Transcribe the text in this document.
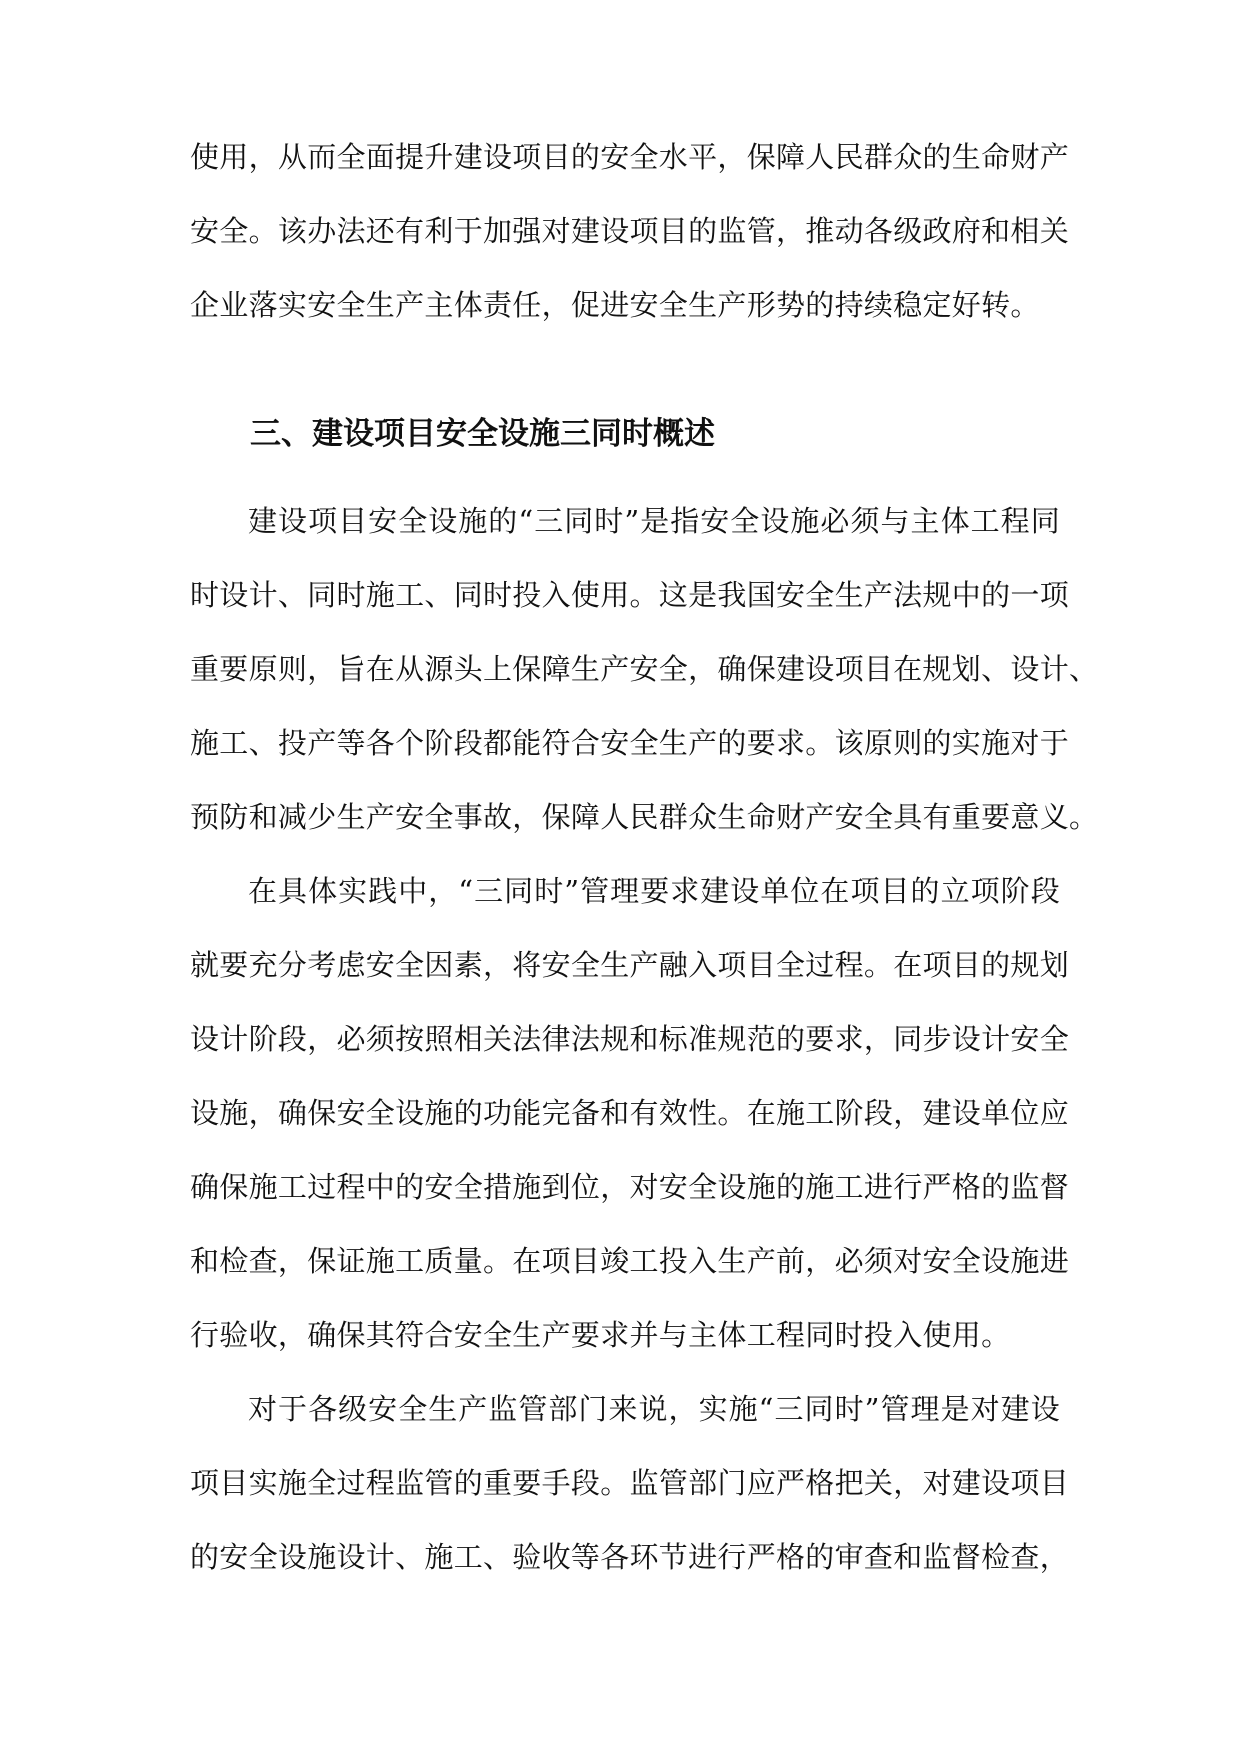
使用，从而全面提升建设项目的安全水平，保障人民群众的生命财产
安全。该办法还有利于加强对建设项目的监管，推动各级政府和相关
企业落实安全生产主体责任，促进安全生产形势的持续稳定好转。
三、建设项目安全设施三同时概述
建设项目安全设施的“三同时”是指安全设施必须与主体工程同
时设计、同时施工、同时投入使用。这是我国安全生产法规中的一项
重要原则，旨在从源头上保障生产安全，确保建设项目在规划、设计、
施工、投产等各个阶段都能符合安全生产的要求。该原则的实施对于
预防和减少生产安全事故，保障人民群众生命财产安全具有重要意义。
在具体实践中，“三同时”管理要求建设单位在项目的立项阶段
就要充分考虑安全因素，将安全生产融入项目全过程。在项目的规划
设计阶段，必须按照相关法律法规和标准规范的要求，同步设计安全
设施，确保安全设施的功能完备和有效性。在施工阶段，建设单位应
确保施工过程中的安全措施到位，对安全设施的施工进行严格的监督
和检查，保证施工质量。在项目竣工投入生产前，必须对安全设施进
行验收，确保其符合安全生产要求并与主体工程同时投入使用。
对于各级安全生产监管部门来说，实施“三同时”管理是对建设
项目实施全过程监管的重要手段。监管部门应严格把关，对建设项目
的安全设施设计、施工、验收等各环节进行严格的审查和监督检查，
